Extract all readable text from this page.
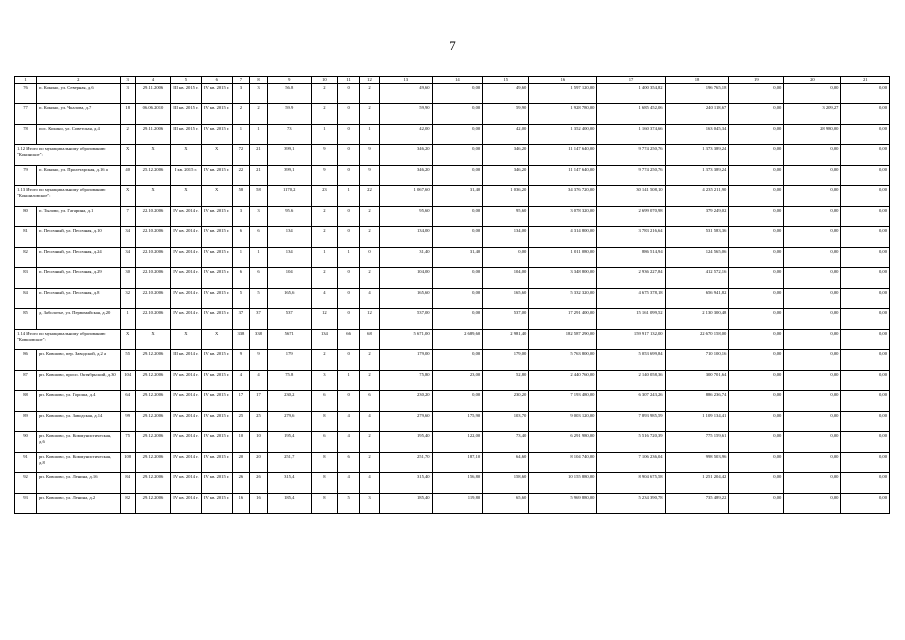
7
1	2	3	4	5	6	7	8	9	10	11	12	13	14	15	16	17	18	19	20	21
76	п. Кокино, ул. Северная, д.6	3	29.11.2006	III кв. 2015 г.	IV кв. 2015 г.	3	3	56.8	2	0	2	49,60	0,00	49,60	1 597 120,00	1 400 354,82	196 765,18	0,00	0,00	0,00
77	п. Кокино, ул. Чкалова, д.7	18	06.06.2010	III кв. 2015 г.	IV кв. 2015 г.	2	2	59.9	2	0	2	59,90	0,00	59,90	1 928 780,00	1 685 452,06	240 118,67	0,00	3 209,27	0,00
78	пос. Кокино, ул. Советская, д.4	2	29.11.2006	III кв. 2015 г.	IV кв. 2015 г.	1	1	73	1	0	1	42,00	0,00	42,00	1 352 400,00	1 160 374,66	163 045,34	0,00	28 980,00	0,00
1.12 Итого по муниципальному образованию "Кокинское":		X	X	X	X	72	21	399,1	9	0	9	346,20	0,00	346,20	11 147 640,00	9 774 250,76	1 373 389,24	0,00	0,00	0,00
79	п. Кокино, ул. Пролетарская, д.16 а	40	25.12.2006	I кв. 2015 г.	IV кв. 2015 г.	22	21	399,1	9	0	9	346,20	0,00	346,20	11 147 640,00	9 774 250,76	1 373 389,24	0,00	0,00	0,00
1.13 Итого по муниципальному образованию "Кокшиловское":		X	X	X	X	58	58	1170,2	23	1	22	1 067,60	31,40	1 036,20	34 376 720,00	30 141 508,10	4 235 211,90	0,00	0,00	0,00
80	п. Тылово, ул. Гагарина, д.1	7	22.10.2006	IV кв. 2014 г.	IV кв. 2015 г.	3	3	95.6	2	0	2	95,60	0,00	95,60	3 078 320,00	2 699 070,98	379 249,02	0,00	0,00	0,00
81	п. Песочный, ул. Песочная, д.10	34	22.10.2006	IV кв. 2014 г.	IV кв. 2015 г.	6	6	134	2	0	2	134,00	0,00	134,00	4 314 800,00	3 783 216,64	531 583,36	0,00	0,00	0,00
82	п. Песочный, ул. Песочная, д.24	34	22.10.2006	IV кв. 2014 г.	IV кв. 2015 г.	1	1	134	1	1	0	31,40	31,40	0,00	1 011 080,00	886 514,94	124 565,06	0,00	0,00	0,00
83	п. Песочный, ул. Песочная, д.29	30	22.10.2006	IV кв. 2014 г.	IV кв. 2015 г.	6	6	104	2	0	2	104,00	0,00	104,00	3 348 800,00	2 936 227,84	412 572,16	0,00	0,00	0,00
84	п. Песочный, ул. Песочная, д.8	32	22.10.2006	IV кв. 2014 г.	IV кв. 2015 г.	5	5	165,6	4	0	4	165,60	0,00	165,60	5 332 320,00	4 675 378,18	656 941,82	0,00	0,00	0,00
85	д. Заболотье, ул. Первомайская, д.20	1	22.10.2006	IV кв. 2014 г.	IV кв. 2015 г.	37	37	537	12	0	12	537,00	0,00	537,00	17 291 400,00	15 161 099,52	2 130 300,48	0,00	0,00	0,00
1.14 Итого по муниципальному образованию "Ковшовское":		X	X	X	X	338	338	5671	134	66	68	5 671,00	2 689,60	2 981,40	182 587 290,00	159 917 132,00	22 670 158,00	0,00	0,00	0,00
86	рп. Ковшово, пер. Заводской, д.2 а	55	29.12.2006	III кв. 2014 г.	IV кв. 2015 г.	9	9	179	2	0	2	179,00	0,00	179,00	5 763 800,00	5 053 699,84	710 100,16	0,00	0,00	0,00
87	рп. Ковшово, просп. Октябрьский, д.30	104	29.12.2006	IV кв. 2014 г.	IV кв. 2015 г.	4	4	75.8	3	1	2	75,80	23,00	52,80	2 440 760,00	2 140 058,36	300 701,64	0,00	0,00	0,00
88	рп. Ковшово, ул. Гороша, д.4	64	29.12.2006	IV кв. 2014 г.	IV кв. 2015 г.	17	17	230,2	6	0	6	230,20	0,00	230,20	7 193 480,00	6 307 243,26	886 236,74	0,00	0,00	0,00
89	рп. Ковшово, ул. Заводская, д.14	99	29.12.2006	IV кв. 2014 г.	IV кв. 2015 г.	25	25	279,6	8	4	4	279,60	175,90	103,70	9 003 120,00	7 893 985,59	1 109 134,41	0,00	0,00	0,00
90	рп. Ковшово, ул. Коммунистическая, д.6	75	29.12.2006	IV кв. 2014 г.	IV кв. 2015 г.	10	10	195,4	6	4	2	195,40	122,00	73,40	6 291 980,00	5 516 720,39	775 159,61	0,00	0,00	0,00
91	рп. Ковшово, ул. Коммунистическая, д.8	108	29.12.2006	IV кв. 2014 г.	IV кв. 2015 г.	20	20	251,7	8	6	2	251,70	187,10	64,60	8 104 740,00	7 106 236,04	998 503,96	0,00	0,00	0,00
92	рп. Ковшово, ул. Ленина, д.16	84	29.12.2006	IV кв. 2014 г.	IV кв. 2015 г.	26	26	315,4	8	4	4	315,40	156,80	158,60	10 155 880,00	8 904 675,58	1 251 204,42	0,00	0,00	0,00
93	рп. Ковшово, ул. Ленина, д.2	82	29.12.2006	IV кв. 2014 г.	IV кв. 2015 г.	16	16	185,4	8	5	3	185,40	119,80	65,60	5 969 880,00	5 234 390,78	735 489,22	0,00	0,00	0,00
